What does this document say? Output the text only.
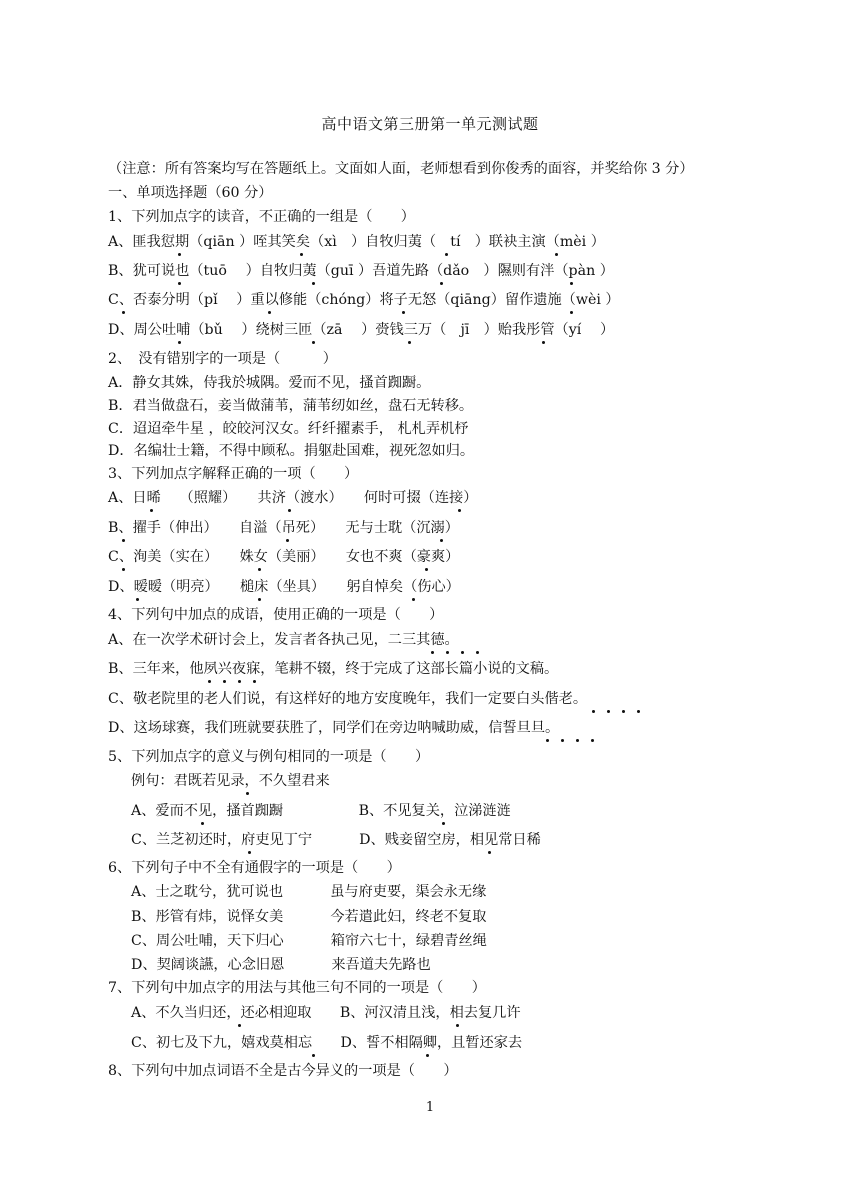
高中语文第三册第一单元测试题
（注意：所有答案均写在答题纸上。文面如人面，老师想看到你俊秀的面容，并奖给你 3 分）
一、单项选择题（60 分）
1、下列加点字的读音，不正确的一组是（　　）
A、匪我愆期（qiān ）咥其笑矣（xì　）自牧归荑（　tí　）联袂主演（mèi ）
B、犹可说也（tuō　 ）自牧归荑（guī ）吾道先路（dǎo　）隰则有泮（pàn ）
C、否泰分明（pǐ　 ）重以修能（chóng）将子无怒（qiāng）留作遗施（wèi ）
D、周公吐哺（bǔ　 ）绕树三匝（zā　 ）赍钱三万（　jī　）贻我彤管（yí　 ）
2、　没有错别字的一项是（　　　）
A．静女其姝，侍我於城隅。爱而不见，搔首踟蹰。
B．君当做盘石，妾当做蒲苇，蒲苇纫如丝，盘石无转移。
C．迢迢牵牛星 ，皎皎河汉女。纤纤擢素手， 札札弄机杼
D．名编壮士籍，不得中顾私。捐躯赴国难，视死忽如归。
3、下列加点字解释正确的一项（　　）
A、日晞　 （照耀）　　共济（渡水）　　何时可掇（连接）
B、擢手（伸出）　　自溢（吊死）　　无与士耽（沉溺）
C、洵美（实在）　　姝女（美丽）　　女也不爽（豪爽）
D、暧暧（明亮）　　槌床（坐具）　　躬自悼矣（伤心）
4、下列句中加点的成语，使用正确的一项是（　　）
A、在一次学术研讨会上，发言者各执己见，二三其德。
B、三年来，他夙兴夜寐，笔耕不辍，终于完成了这部长篇小说的文稿。
C、敬老院里的老人们说，有这样好的地方安度晚年，我们一定要白头偕老。
D、这场球赛，我们班就要获胜了，同学们在旁边呐喊助威，信誓旦旦。
5、下列加点字的意义与例句相同的一项是（　　）
例句：君既若见录，不久望君来
A、爱而不见，搔首踟蹰　　　　　 B、不见复关，泣涕涟涟
C、兰芝初还时，府吏见丁宁　　　 D、贱妾留空房，相见常日稀
6、下列句子中不全有通假字的一项是（　　）
A、士之耽兮，犹可说也　　　 虽与府吏要，渠会永无缘
B、彤管有炜，说怿女美　　　 今若遣此妇，终老不复取
C、周公吐哺，天下归心　　　 箱帘六七十，绿碧青丝绳
D、契阔谈讌，心念旧恩　　　 来吾道夫先路也
7、下列句中加点字的用法与其他三句不同的一项是（　　）
A、不久当归还，还必相迎取　　B、河汉清且浅，相去复几许
C、初七及下九，嬉戏莫相忘　　D、誓不相隔卿，且暂还家去
8、下列句中加点词语不全是古今异义的一项是（　　）
1
